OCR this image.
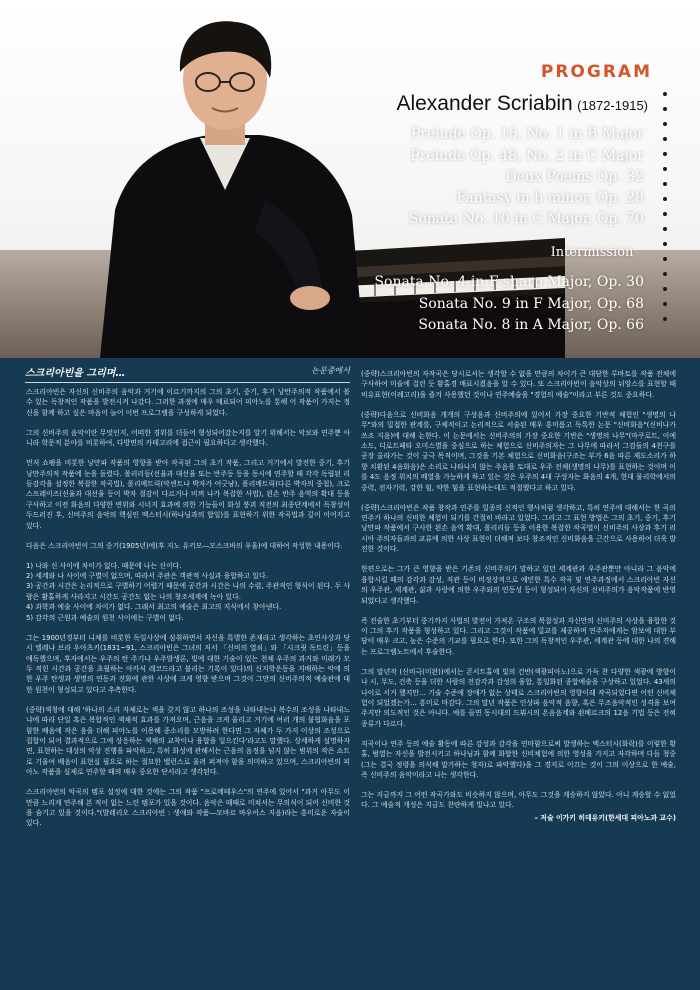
PROGRAM
Alexander Scriabin (1872-1915)
Prelude Op. 16, No. 1 in B Major
Prelude Op. 48, No. 2 in C Major
Deux Poems Op. 32
Fantasy in b minor, Op. 28
Sonata No. 10 in C Major, Op. 70
Intermission
Sonata No. 4 in F-sharp Major, Op. 30
Sonata No. 9 in F Major, Op. 68
Sonata No. 8 in A Major, Op. 66
스크리아빈을 그리며…	논문중에서

스크리아빈은 자신의 신비주의 음악과 거기에 이르기까지의 그의 초기, 중기, 후기 낭만주의적 작품에서 볼 수 있는 독창적인 작품을 발전시켜 나갔다. 그러한 과정에 매우 매료되어 피아노를 통해 이 작품이 가지는 정신을 함께 하고 싶은 마음이 늘어 이번 프로그램을 구성하게 되었다.

그의 신비주의 음악이란 무엇인지, 어떠한 경위를 더듬어 형성되어갔는지를 알기 위해서는 악보와 연주뿐 아니라 학문적 분야를 비롯하여, 다방면의 카테고리에 접근이 필요하다고 생각했다.

먼저 쇼팽을 비롯한 낭만파 작품의 영향을 받아 작곡된 그의 초기 작품, 그리고 거기에서 발전한 중기, 후기 낭만주의적 작품에 눈을 돌렸다. 폴리리듬(선율과 대선율 또는 반주등 등을 동시에 연주할 때 각각 독립된 리듬감각을 설정한 복잡한 작곡법), 폴리메트릭(악센트나 박자가 어긋남), 폴리메트릭(다른 박자의 중첩), 크로스프레이즈(선율과 대선율 등이 박자 절감이 다르거나 비껴 나가 복잡한 사법), 왼손 반주 음역의 확대 등을 구사하고 이전 화음의 다양한 변위와 시너지 효과에 의한 기능들이 화성 붕괴 직전의 최종단계에서 독창성이 두드러진 후, 신비주의 음악의 핵심인 엑스터시(하나님과의 합일)를 표현하기 위한 작곡법과 깊이 이어지고 있다.

다음은 스크리아빈이 그의 중기(1905년)에(후 지노 유키모―모스크바의 우울)에 대하여 작성한 내용이다.

1) 나와 신 사이에 차이가 없다. 때문에 나는 신이다.
2) 세계와 나 사이에 구별이 없으며, 따라서 주관은 객관적 사실과 융합하고 있다.
3) 공간과 시간은 논리적으로 구별하기 어렵기 때문에 공간과 시간은 나의 수렴, 주관적인 형식이 된다. 두 사람은 활홀하게 사라지고 시간도 공간도 없는 나의 창조세계에 녹아 있다.
4) 과학과 예술 사이에 차이가 없다. 그래서 최고의 예술은 최고의 지식에서 찾아낸다.
5) 감각의 근원과 예술의 원천 사이에는 구별이 없다.

그는 1900년경부터 니체를 비롯한 독일사상에 심취하면서 자신을 특별한 존재라고 생각하는 초인사상과 당시 엘레나 브라 우아츠키(1831~91, 스크리아빈은 그녀의 저서 「신비의 열쇠」와 「시크릿 독트린」등을 애독했으며, 후자에서는 우주의 탄 주기나 우주발생론, 빛에 대한 기술이 있는 천체 우주의 과거와 미래가 모두 적힌 시간과 공간을 초월하는 아카식 레코드라고 불리는 기록이 있다)의 신지학운동을 지배하는 악에 의한 우주 탄생과 생명의 연동과 진화에 관한 사상에 크게 영향 받으며 그것이 그만의 신비주의적 예술관에 대한 원천이 형성되고 있다고 추측한다.

(중략)색청에 대해 '하나의 소리 자체로는 색을 갖지 않고 하나의 조성을 나타내는냐 복수의 조성을 나타내느냐에 따라 단일 혹은 복합적인 색채적 효과를 가져오며, 근음을 크게 울리고 거기에 여러 개의 불협화음을 포함한 배음에 작은 음을 더해 피아노를 이용해 종소리를 모방하려 한다면 그 자체가 두 가지 이상의 조성으로 집합이 되어 결과적으로 그에 상응하는 색채의 교착이나 융합을 일으킨다'라고도 말했다. 상세하게 설명하자면, 표현하는 대상의 악상 진행을 파악하고, 특히 화성에 관해서는 근음의 음정을 넘지 않는 범위의 작은 쇼트로 기울여 배음이 표현실 필요로 하는 절묘한 밸런스로 울려 퍼져야 함을 의미하고 있으며, 스크리아빈의 피아노 작품을 실제로 연주할 때의 매우 중요한 단서라고 생각된다.

스크리아빈의 악곡의 템포 설정에 대한 것에는 그의 작품 "프로메테우스"의 연주에 있어서 "과거 아무도 이만큼 느리게 연주해 본 적이 없는 느린 템포가 있을 것이다. 음악은 때때로 미쳐서는 무의식이 되어 신비한 것을 숨기고 있을 것이다."(발레리오 스크리아빈 : 생애와 작품―모바르 바우어스 지음)라는 흥미로운 자술이 있다.

(중략)스크리아빈의 자작곡은 당시로서는 생각할 수 없을 만큼의 차이가 큰 대담한 루바토를 작품 전체에 구사하여 미술에 걸린 듯 황홀경 매료시켰음을 알 수 있다. 또 스크리아빈이 음악상의 뉘앙스를 표현할 때 비유표현(이례고리)을 즐겨 사용했던 것이나 연주예술을 "경험의 예술"이라고 부른 것도 중요하다.

(중략)다음으로 신비화음 개개의 구성음과 신비주의에 있어서 가장 중요한 기반적 체험인 "생명의 나무"와의 밀접한 관계를, 구체적이고 논리적으로 서술된 매우 흥미롭고 독특한 논문 "신비화음"(신비나가쓰조 지음)에 대해 논한다. 이 논문에서는 신비주의의 가장 중요한 기반은 "생명의 나무"(마쿠로트, 이예소드, 디로트페타 오미스별을 중심으로 하는 체험으로 신비주의자는 그 나무에 따라서 그검들의 4천구를 곧장 올라가는 것이 궁극 목적이며, 그것을 기본 체험으로 신비화음(구조는 부가 6음 따른 제도소리가 하향 치환된 4음화음)은 소리로 나타나지 않는 주음을 토대로 우주 전체(생명의 나무)를 표현하는 것이며 이를 4도 음정 위치의 배열을 가능하게 하고 있는 것은 우주의 4대 구성자는 화음의 4개, 현대 물리학에서의 중력, 전자기력, 강한 힘, 약한 힘을 표현하는데도 적절했다고 하고 있다.

(중략)스크리아빈은 작품 창작과 연주를 일종의 신적인 행사처럼 생각하고, 특히 연주에 대해서는 한 곡의 연주가 하나의 신비한 체험이 되기를 간절히 바라고 있었다. 그리고 그 표현 방법은 그의 초기, 중기, 후기 낭만파 작품에서 구사한 왼손 음역 확대, 폴리리듬 등을 이용한 복잡한 작곡법이 신비주의 사상과 후기 러시아 주의자들과의 교류에 의한 사상 표현이 더해져 보다 창조적인 신비화음을 근간으로 사용하여 더욱 발전한 것이다.

한편으로는 그가 큰 영향을 받은 기존의 신비주의가 말하고 있던 세계관과 우주관뿐만 아니라 그 음악에 융합시킬 때의 감각과 감성, 직관 등이 비정상적으로 예민한 특수 작곡 및 연주과정에서 스크리아빈 자신의 우주관, 세계관, 삶과 사랑에 의한 우주와의 연동성 등이 형성되어 자신의 신비주의가 음악작품에 반영되었다고 생각했다.

즉 전술한 초기부터 중기까지 사법의 발전이 가져온 구조의 복잡성과 자신만의 신비주의 사상을 융합한 것이 그의 후기 작품을 형성하고 있다. 그리고 그것이 작품에 밀교를 제공하며 연주자에게는 암보에 대한 부담이 매우 크고, 높은 수준의 기교를 필요로 한다. 또한 그의 독창적인 우주관, 세계관 등에 대한 나의 견해는 프로그램노트에서 후술한다.

그의 말년작 (신비극(미완))에서는 콘서트홀에 빛의 건반(색광피아노)으로 가득 찬 다양한 색광에 방향이나 시, 무도, 건축 등을 더한 사람의 전감각과 감성의 융합, 통일화된 종합예술을 구상하고 있었다. 43세의 나이로 서거 했지만… 기술 수준에 장애가 없는 상태로 스크리아빈의 영향이래 작곡되었다면 어떤 신비체험이 되었겠는가… 흥미로 마감다. 그의 말년 작품은 인상파 음악적 음향, 혹은 무조음악적인 성격을 보여주지만 의도적인 것은 아니다. 예를 들면 동시대의 드뷔시의 온음음계와 쇤베르크의 12음 기법 등은 전혀 종류가 다르다.

직곡이나 연주 등의 예술 활동에 따른 감성과 감각을 연마함으로써 발생하는 엑스터시(화락)를 이렇한 황홀, 범열는 자신을 발전시키고 하나님과 함께 화합한 신비체험에 의한 영성을 가지고 자각하며 다듬 청중(그는 결국 정령을 의식해 말가하는 청자)로 파악했다)을 그 경지로 이끄는 것이 그의 이상으로 한 예술, 즉 신비주의 음악이라고 나는 생각한다.

그는 지금까지 그 어떤 작곡가와도 비슷하지 않으며, 아무도 그것을 계승하지 않았다. 아니 계승할 수 없었다. 그 예술적 개성은 지금도 찬란하게 빛나고 있다.

– 저술 이가키 히데유키(한세대 피아노과 교수)
